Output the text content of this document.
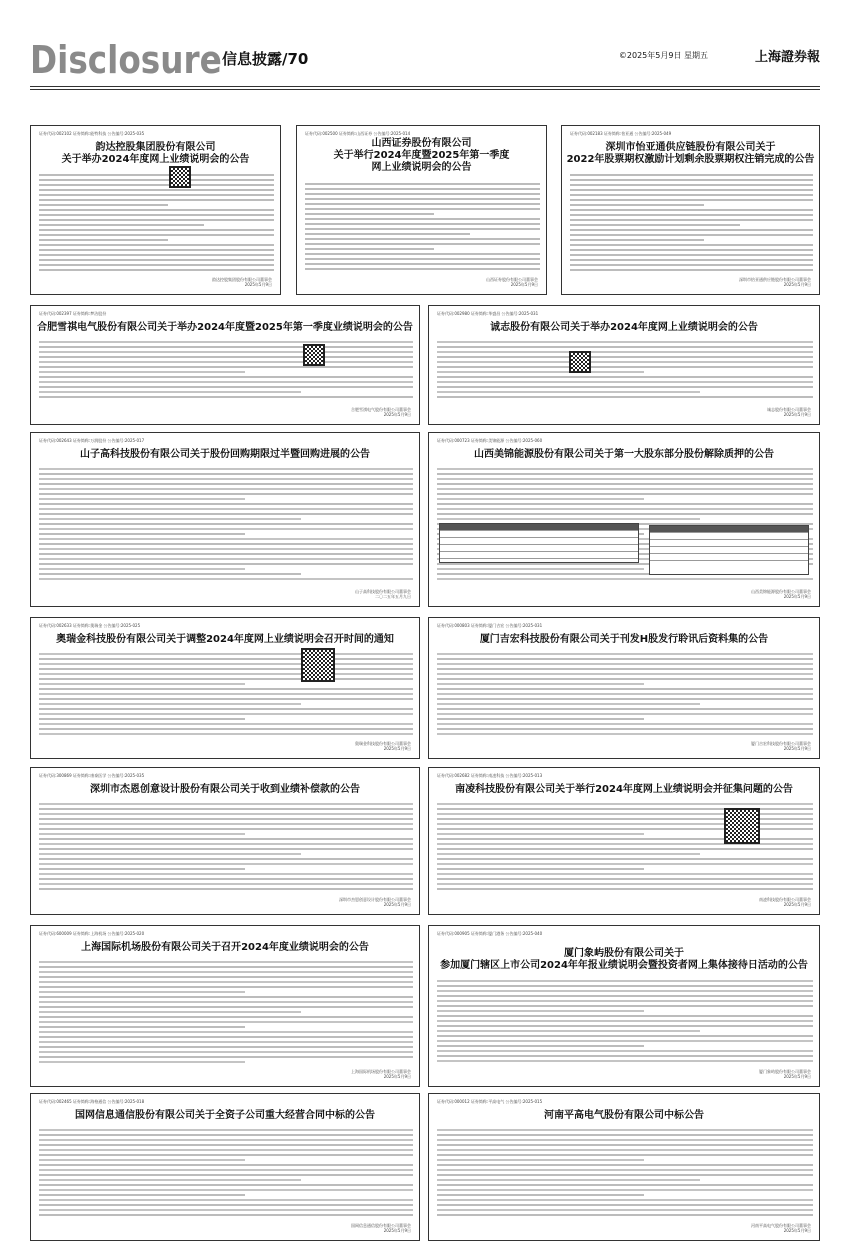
Disclosure 信息披露/70	©2025年5月9日 星期五	上海證券報
证券代码:002102 证券简称:能特科技 公告编号:2025-035
韵达控股集团股份有限公司
关于举办2024年度网上业绩说明会的公告
韵达控股集团股份有限公司董事会
2025年5月9日
证券代码:002500 证券简称:山西证券 公告编号:2025-014
山西证券股份有限公司
关于举行2024年度暨2025年第一季度
网上业绩说明会的公告
山西证券股份有限公司董事会
2025年5月9日
证券代码:002183 证券简称:怡亚通 公告编号:2025-049
深圳市怡亚通供应链股份有限公司关于
2022年股票期权激励计划剩余股票期权注销完成的公告
深圳市怡亚通供应链股份有限公司董事会
2025年5月9日
证券代码:002397 证券简称:梦洁股份
合肥雪祺电气股份有限公司关于举办2024年度暨2025年第一季度业绩说明会的公告
合肥雪祺电气股份有限公司董事会
2025年5月9日
证券代码:002980 证券简称:华盛昌 公告编号:2025-031
诚志股份有限公司关于举办2024年度网上业绩说明会的公告
诚志股份有限公司董事会
2025年5月9日
证券代码:002643 证券简称:万润股份 公告编号:2025-017
山子高科技股份有限公司关于股份回购期限过半暨回购进展的公告
山子高科技股份有限公司董事会
二〇二五年五月九日
证券代码:000723 证券简称:美锦能源 公告编号:2025-060
山西美锦能源股份有限公司关于第一大股东部分股份解除质押的公告
山西美锦能源股份有限公司董事会
2025年5月9日
证券代码:002633 证券简称:奥瑞金 公告编号:2025-025
奥瑞金科技股份有限公司关于调整2024年度网上业绩说明会召开时间的通知
奥瑞金科技股份有限公司董事会
2025年5月9日
证券代码:000803 证券简称:厦门吉宏 公告编号:2025-031
厦门吉宏科技股份有限公司关于刊发H股发行聆讯后资料集的公告
厦门吉宏科技股份有限公司董事会
2025年5月9日
证券代码:300869 证券简称:康泰医学 公告编号:2025-035
深圳市杰恩创意设计股份有限公司关于收到业绩补偿款的公告
深圳市杰恩创意设计股份有限公司董事会
2025年5月9日
证券代码:002682 证券简称:南凌科技 公告编号:2025-013
南凌科技股份有限公司关于举行2024年度网上业绩说明会并征集问题的公告
南凌科技股份有限公司董事会
2025年5月9日
证券代码:600009 证券简称:上海机场 公告编号:2025-020
上海国际机场股份有限公司关于召开2024年度业绩说明会的公告
上海国际机场股份有限公司董事会
2025年5月9日
证券代码:000905 证券简称:厦门港务 公告编号:2025-040
厦门象屿股份有限公司关于
参加厦门辖区上市公司2024年年报业绩说明会暨投资者网上集体接待日活动的公告
厦门象屿股份有限公司董事会
2025年5月9日
证券代码:002465 证券简称:海格通信 公告编号:2025-018
国网信息通信股份有限公司关于全资子公司重大经营合同中标的公告
国网信息通信股份有限公司董事会
2025年5月9日
证券代码:000012 证券简称:平高电气 公告编号:2025-015
河南平高电气股份有限公司中标公告
河南平高电气股份有限公司董事会
2025年5月9日
